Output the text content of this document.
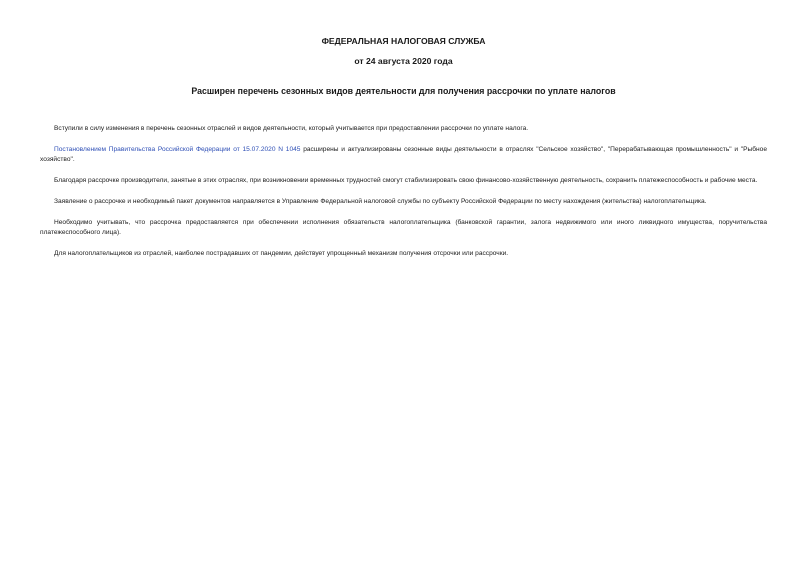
ФЕДЕРАЛЬНАЯ НАЛОГОВАЯ СЛУЖБА
от 24 августа 2020 года
Расширен перечень сезонных видов деятельности для получения рассрочки по уплате налогов

Вступили в силу изменения в перечень сезонных отраслей и видов деятельности, который учитывается при предоставлении рассрочки по уплате налога.

Постановлением Правительства Российской Федерации от 15.07.2020 N 1045 расширены и актуализированы сезонные виды деятельности в отраслях "Сельское хозяйство", "Перерабатывающая промышленность" и "Рыбное хозяйство".

Благодаря рассрочке производители, занятые в этих отраслях, при возникновении временных трудностей смогут стабилизировать свою финансово-хозяйственную деятельность, сохранить платежеспособность и рабочие места.

Заявление о рассрочке и необходимый пакет документов направляется в Управление Федеральной налоговой службы по субъекту Российской Федерации по месту нахождения (жительства) налогоплательщика.

Необходимо учитывать, что рассрочка предоставляется при обеспечении исполнения обязательств налогоплательщика (банковской гарантии, залога недвижимого или иного ликвидного имущества, поручительства платежеспособного лица).

Для налогоплательщиков из отраслей, наиболее пострадавших от пандемии, действует упрощенный механизм получения отсрочки или рассрочки.
